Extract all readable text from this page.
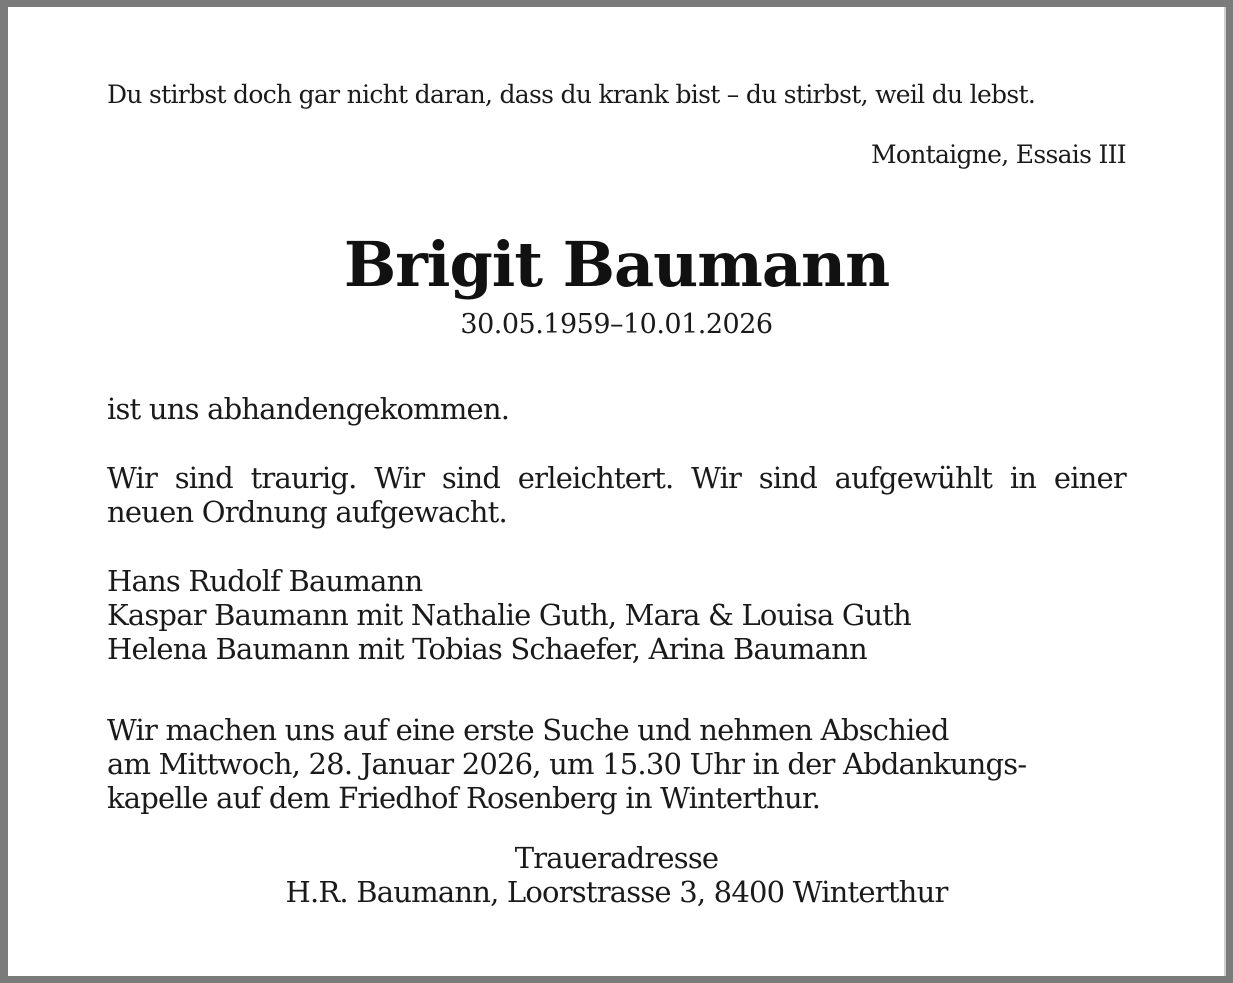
Du stirbst doch gar nicht daran, dass du krank bist – du stirbst, weil du lebst.
Montaigne, Essais III
Brigit Baumann
30.05.1959–10.01.2026
ist uns abhandengekommen.
Wir sind traurig. Wir sind erleichtert. Wir sind aufgewühlt in einer neuen Ordnung aufgewacht.
Hans Rudolf Baumann
Kaspar Baumann mit Nathalie Guth, Mara & Louisa Guth
Helena Baumann mit Tobias Schaefer, Arina Baumann
Wir machen uns auf eine erste Suche und nehmen Abschied
am Mittwoch, 28. Januar 2026, um 15.30 Uhr in der Abdankungs-
kapelle auf dem Friedhof Rosenberg in Winterthur.
Traueradresse
H.R. Baumann, Loorstrasse 3, 8400 Winterthur
